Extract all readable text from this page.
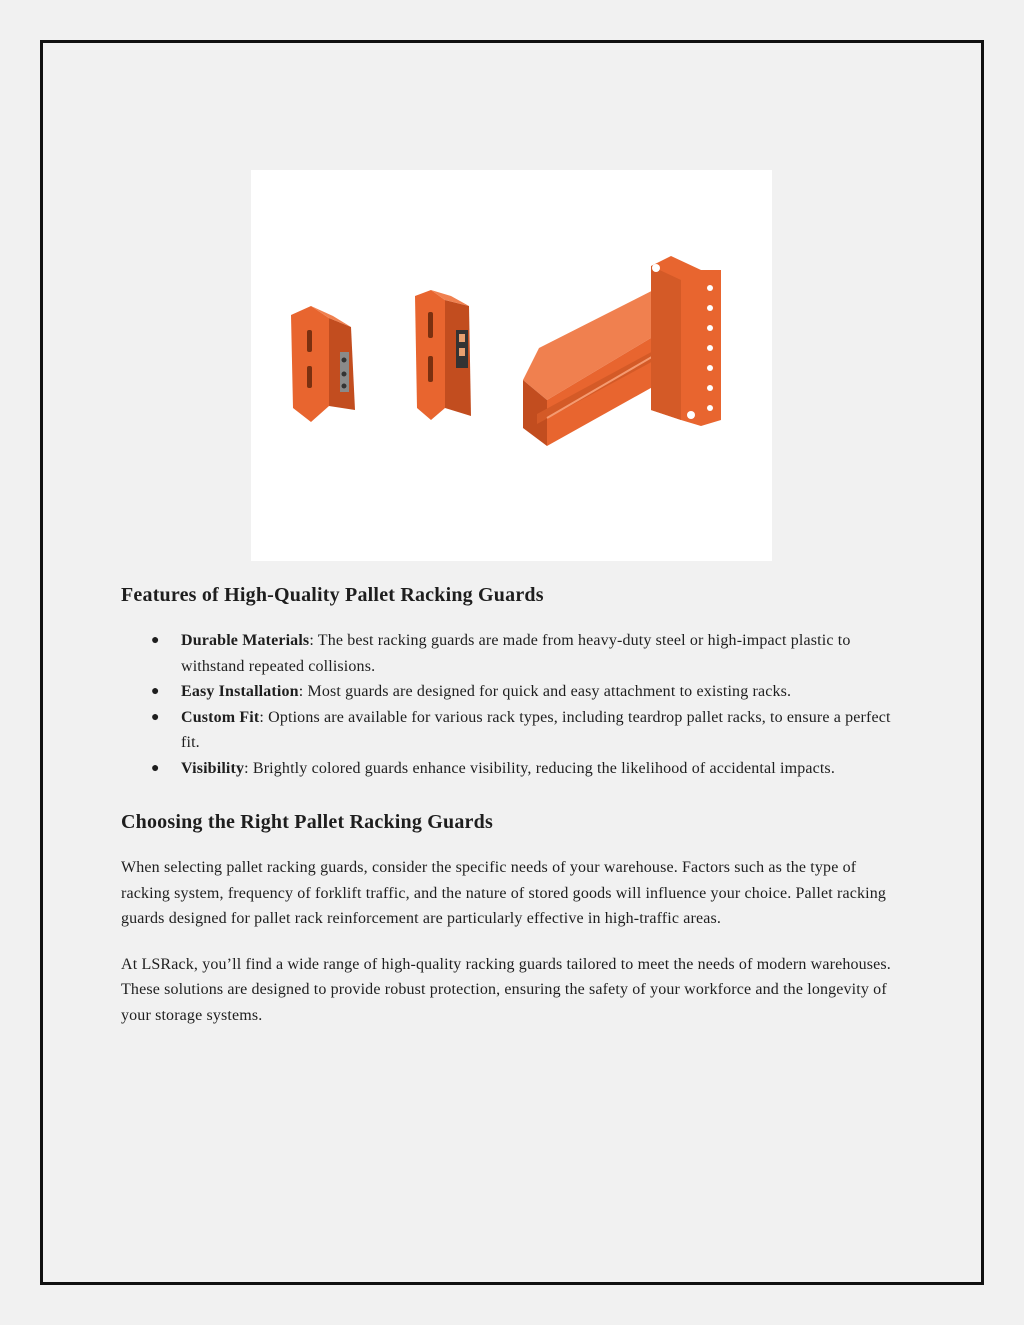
Features of High-Quality Pallet Racking Guards
● Durable Materials: The best racking guards are made from heavy-duty steel or high-impact plastic to withstand repeated collisions.
● Easy Installation: Most guards are designed for quick and easy attachment to existing racks.
● Custom Fit: Options are available for various rack types, including teardrop pallet racks, to ensure a perfect fit.
● Visibility: Brightly colored guards enhance visibility, reducing the likelihood of accidental impacts.
Choosing the Right Pallet Racking Guards

When selecting pallet racking guards, consider the specific needs of your warehouse. Factors such as the type of racking system, frequency of forklift traffic, and the nature of stored goods will influence your choice. Pallet racking guards designed for pallet rack reinforcement are particularly effective in high-traffic areas.

At LSRack, you’ll find a wide range of high-quality racking guards tailored to meet the needs of modern warehouses. These solutions are designed to provide robust protection, ensuring the safety of your workforce and the longevity of your storage systems.
